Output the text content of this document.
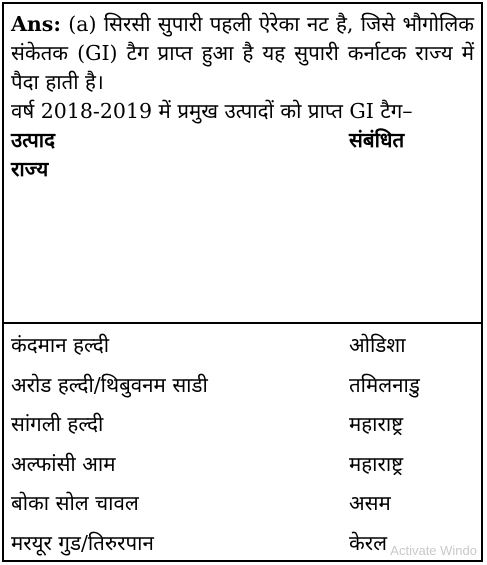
Ans: (a) सिरसी सुपारी पहली ऐरेका नट है, जिसे भौगोलिक संकेतक (GI) टैग प्राप्त हुआ है यह सुपारी कर्नाटक राज्य में पैदा हाती है।

वर्ष 2018-2019 में प्रमुख उत्पादों को प्राप्त GI टैग–

उत्पाद	संबंधित
राज्य
कंदमान हल्दी	ओडिशा
अरोड हल्दी/थिबुवनम साडी	तमिलनाडु
सांगली हल्दी	महाराष्ट्र
अल्फांसी आम	महाराष्ट्र
बोका सोल चावल	असम
मरयूर गुड/तिरुरपान	केरल Activate Windo
